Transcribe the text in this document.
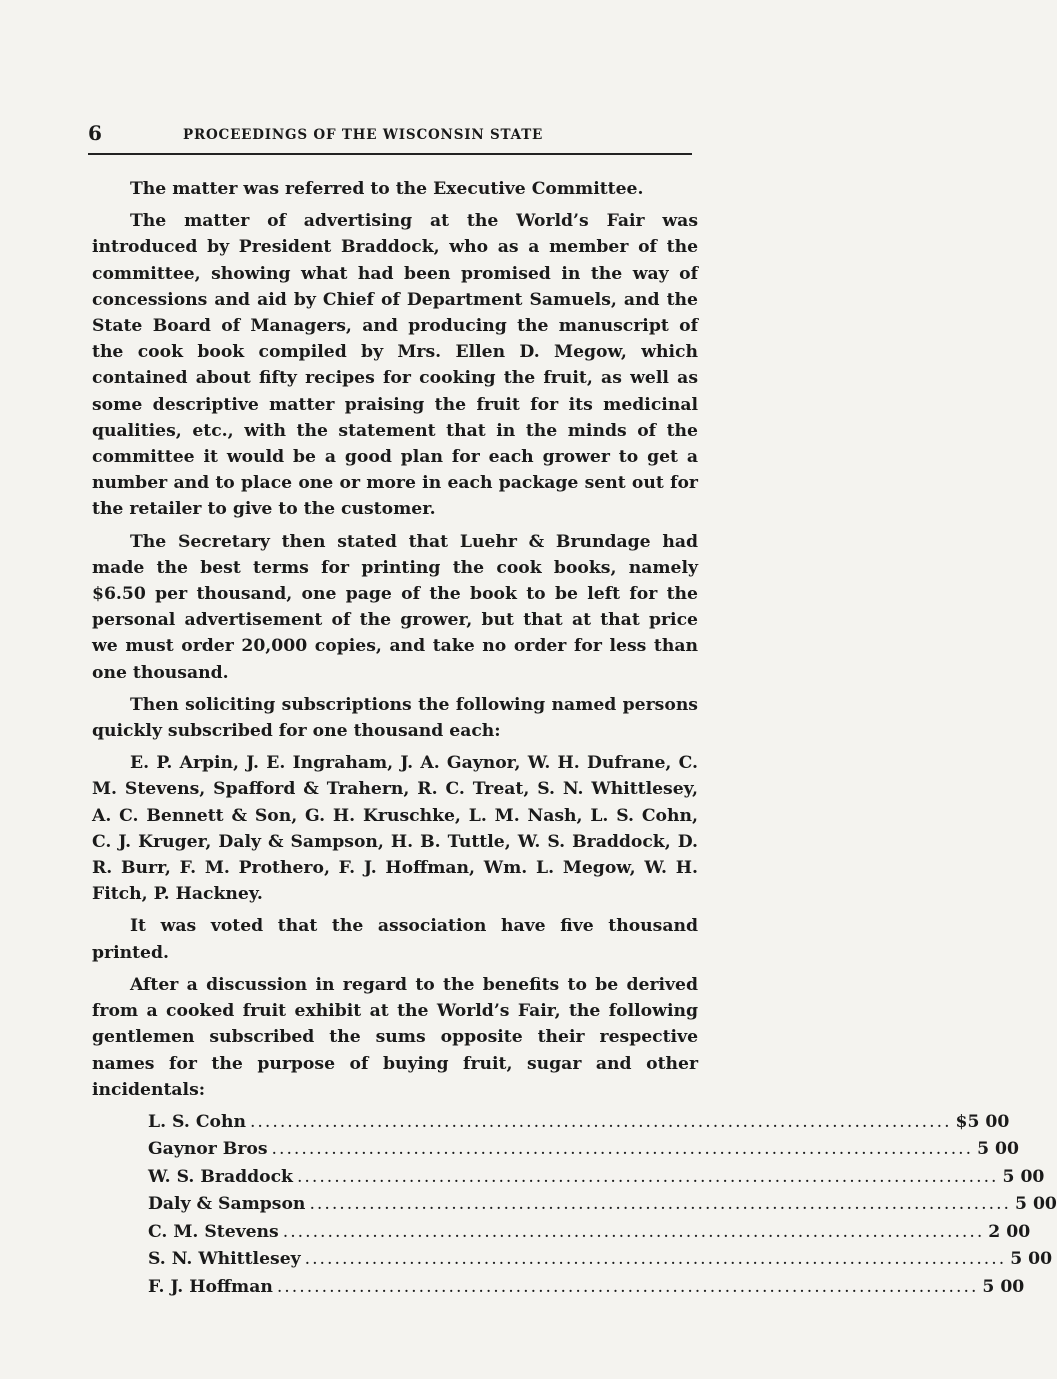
6	PROCEEDINGS OF THE WISCONSIN STATE

The matter was referred to the Executive Committee.

The matter of advertising at the World’s Fair was introduced by President Braddock, who as a member of the committee, showing what had been promised in the way of concessions and aid by Chief of Department Samuels, and the State Board of Managers, and producing the manuscript of the cook book compiled by Mrs. Ellen D. Megow, which contained about fifty recipes for cooking the fruit, as well as some descriptive matter praising the fruit for its medicinal qualities, etc., with the statement that in the minds of the committee it would be a good plan for each grower to get a number and to place one or more in each package sent out for the retailer to give to the customer.

The Secretary then stated that Luehr & Brundage had made the best terms for printing the cook books, namely $6.50 per thousand, one page of the book to be left for the personal advertisement of the grower, but that at that price we must order 20,000 copies, and take no order for less than one thousand.

Then soliciting subscriptions the following named persons quickly subscribed for one thousand each:

E. P. Arpin, J. E. Ingraham, J. A. Gaynor, W. H. Dufrane, C. M. Stevens, Spafford & Trahern, R. C. Treat, S. N. Whittlesey, A. C. Bennett & Son, G. H. Kruschke, L. M. Nash, L. S. Cohn, C. J. Kruger, Daly & Sampson, H. B. Tuttle, W. S. Braddock, D. R. Burr, F. M. Prothero, F. J. Hoffman, Wm. L. Megow, W. H. Fitch, P. Hackney.

It was voted that the association have five thousand printed.

After a discussion in regard to the benefits to be derived from a cooked fruit exhibit at the World’s Fair, the following gentlemen subscribed the sums opposite their respective names for the purpose of buying fruit, sugar and other incidentals:

L. S. Cohn .............................................................................................. $5 00
Gaynor Bros .............................................................................................. 5 00
W. S. Braddock .............................................................................................. 5 00
Daly & Sampson .............................................................................................. 5 00
C. M. Stevens .............................................................................................. 2 00
S. N. Whittlesey .............................................................................................. 5 00
F. J. Hoffman .............................................................................................. 5 00
